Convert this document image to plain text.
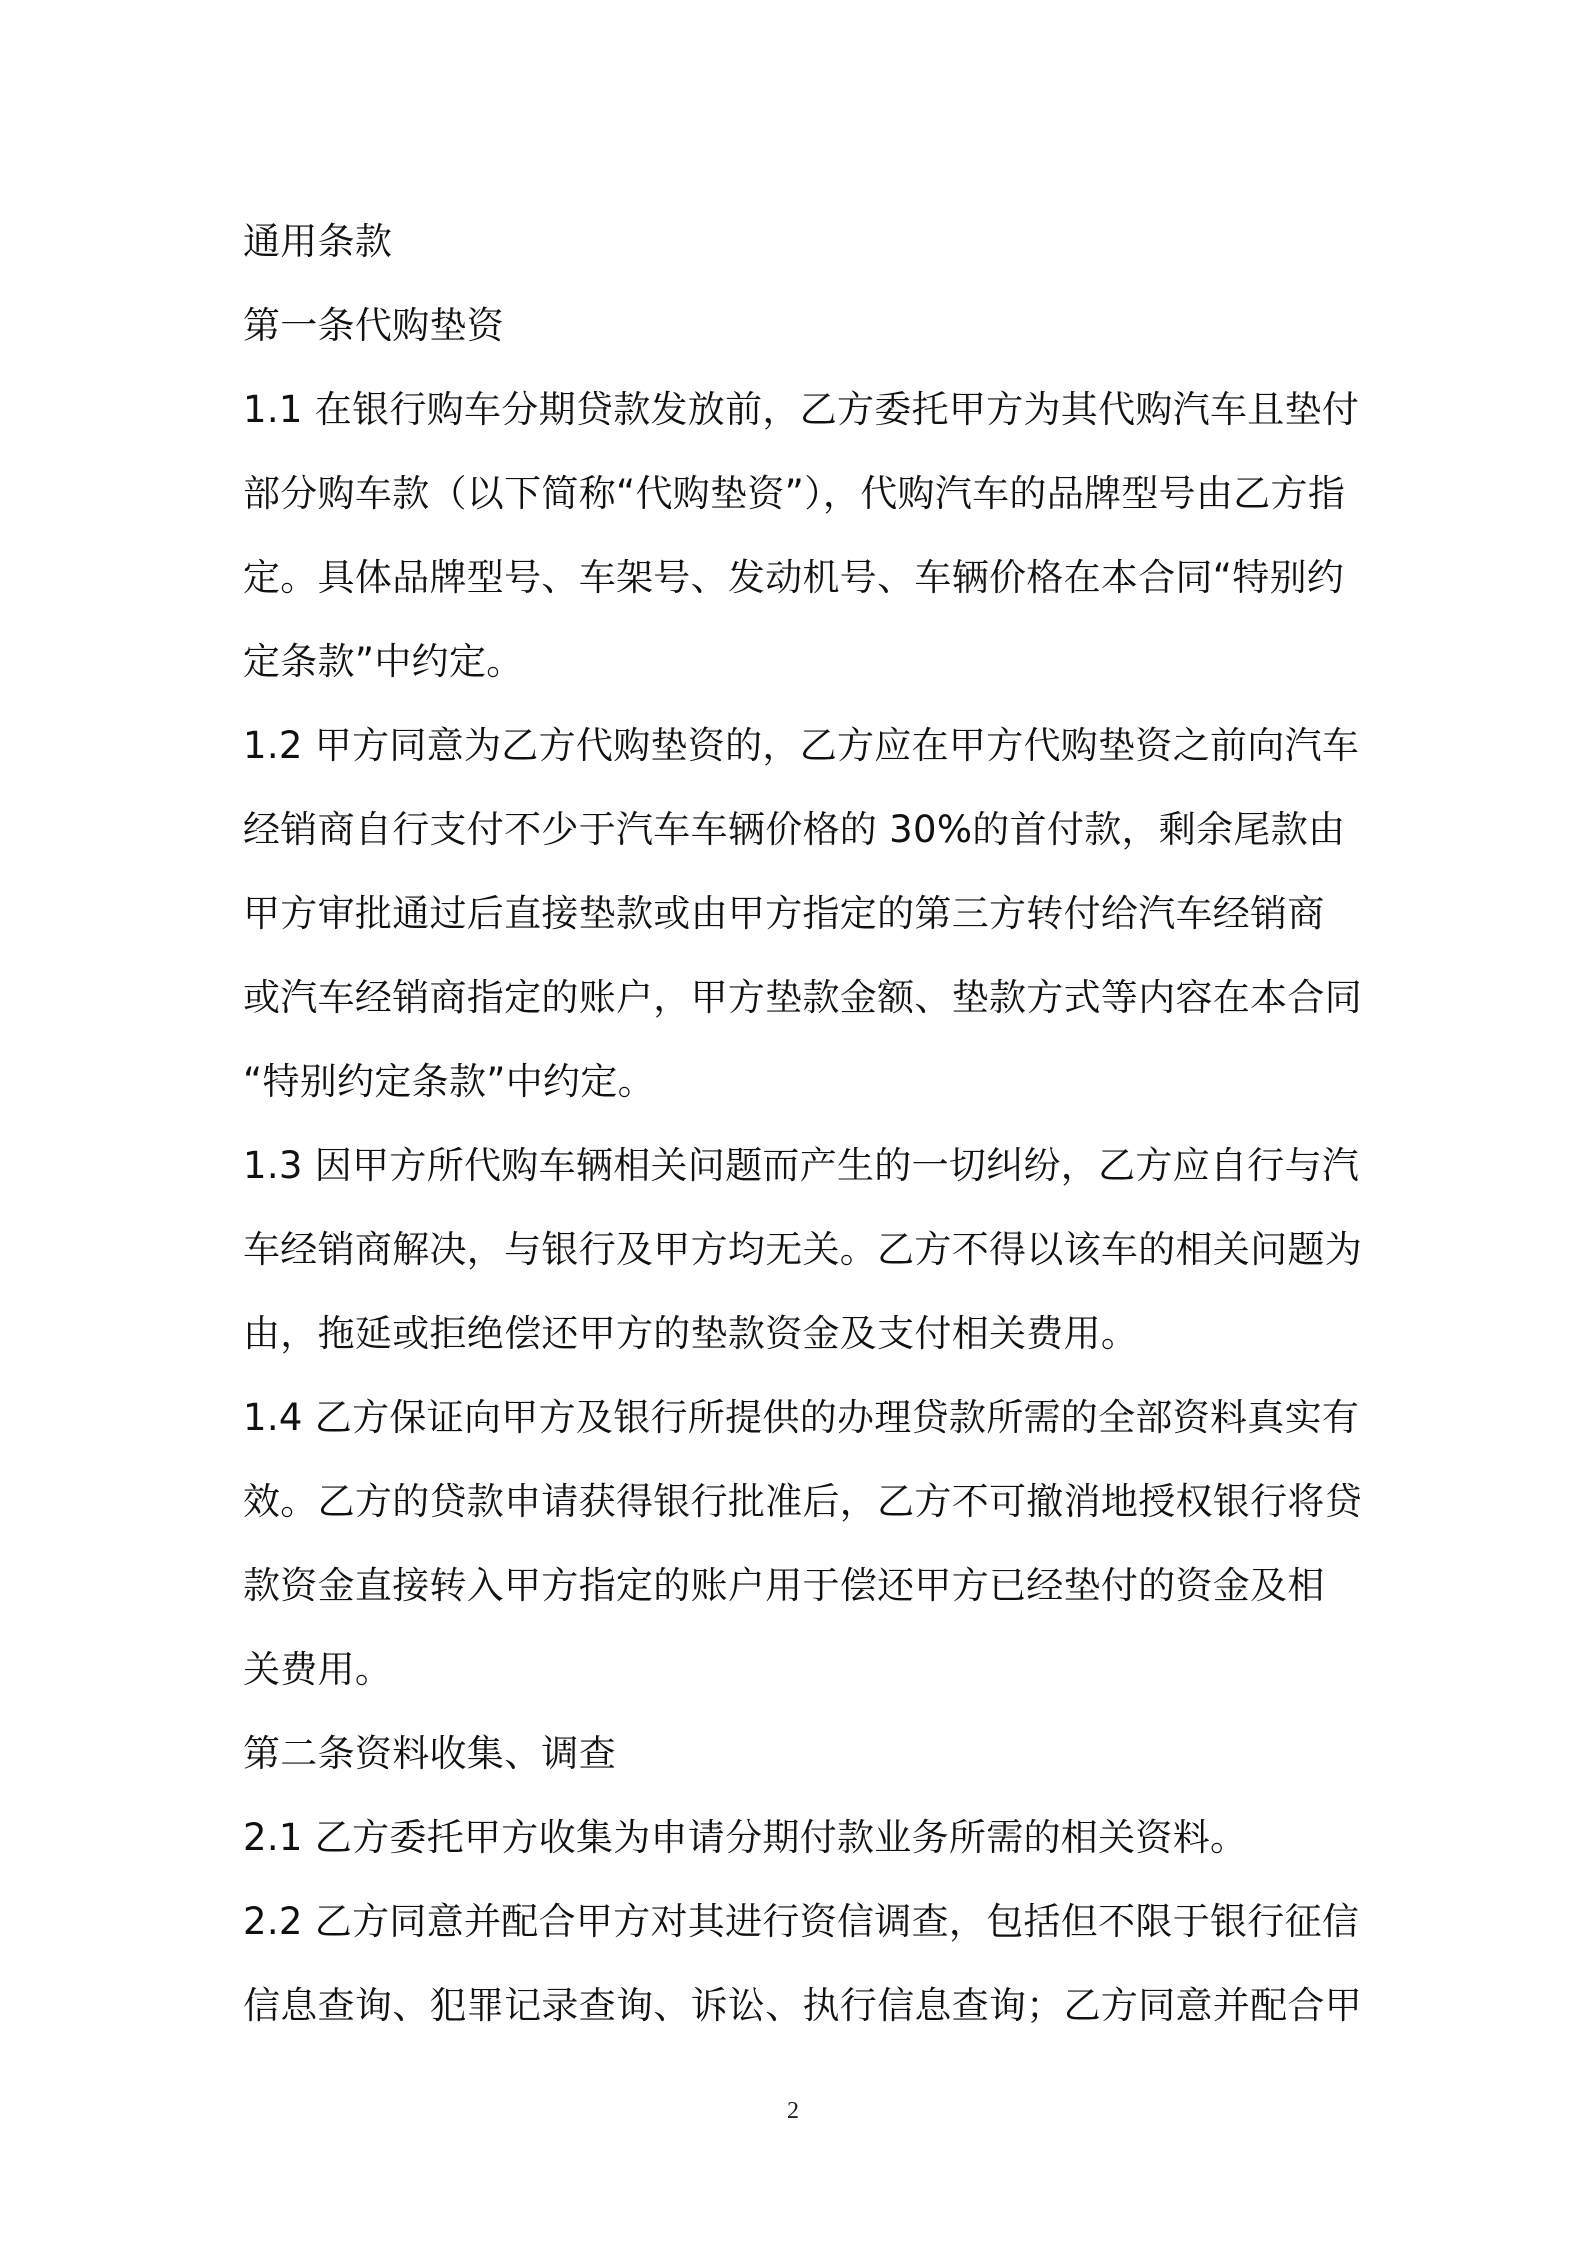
通用条款
第一条代购垫资
1.1 在银行购车分期贷款发放前，乙方委托甲方为其代购汽车且垫付
部分购车款（以下简称“代购垫资”），代购汽车的品牌型号由乙方指
定。具体品牌型号、车架号、发动机号、车辆价格在本合同“特别约
定条款”中约定。
1.2 甲方同意为乙方代购垫资的，乙方应在甲方代购垫资之前向汽车
经销商自行支付不少于汽车车辆价格的 30%的首付款，剩余尾款由
甲方审批通过后直接垫款或由甲方指定的第三方转付给汽车经销商
或汽车经销商指定的账户，甲方垫款金额、垫款方式等内容在本合同
“特别约定条款”中约定。
1.3 因甲方所代购车辆相关问题而产生的一切纠纷，乙方应自行与汽
车经销商解决，与银行及甲方均无关。乙方不得以该车的相关问题为
由，拖延或拒绝偿还甲方的垫款资金及支付相关费用。
1.4 乙方保证向甲方及银行所提供的办理贷款所需的全部资料真实有
效。乙方的贷款申请获得银行批准后，乙方不可撤消地授权银行将贷
款资金直接转入甲方指定的账户用于偿还甲方已经垫付的资金及相
关费用。
第二条资料收集、调查
2.1 乙方委托甲方收集为申请分期付款业务所需的相关资料。
2.2 乙方同意并配合甲方对其进行资信调查，包括但不限于银行征信
信息查询、犯罪记录查询、诉讼、执行信息查询；乙方同意并配合甲
2
